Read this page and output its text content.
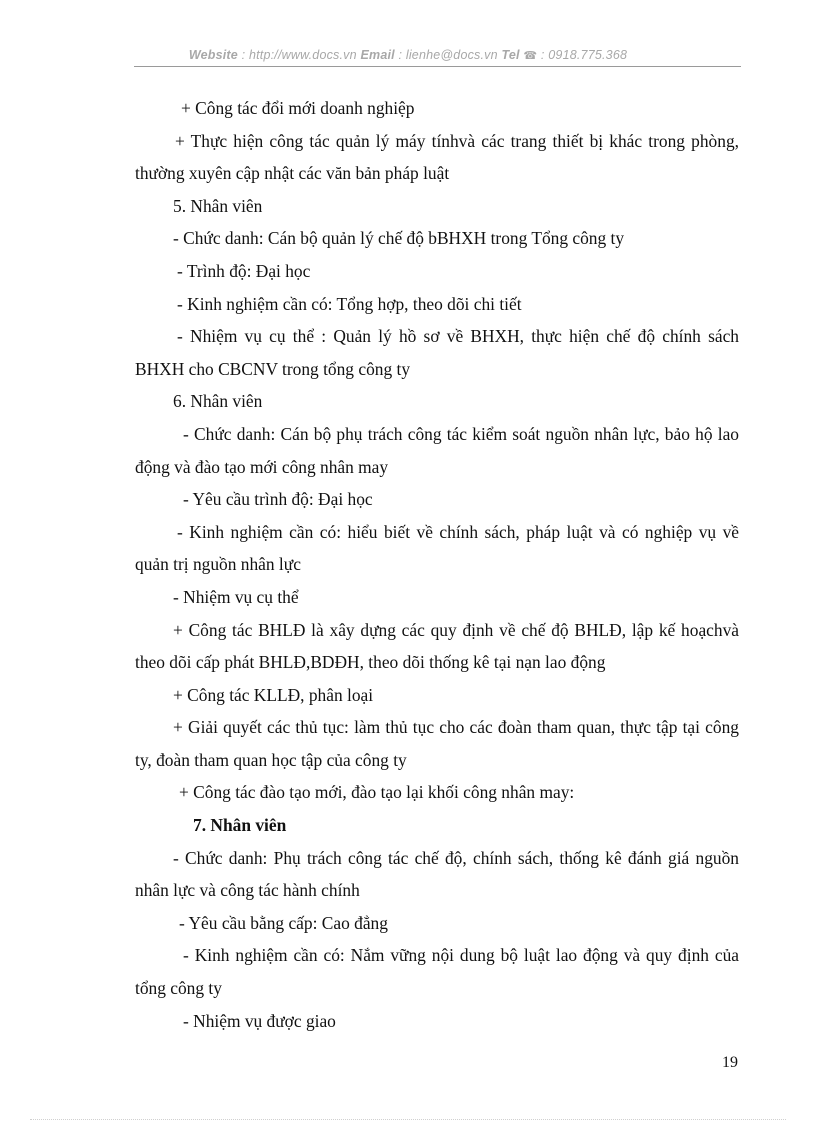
Website : http://www.docs.vn Email : lienhe@docs.vn Tel ☎ : 0918.775.368

+ Công tác đổi mới doanh nghiệp

+ Thực hiện công tác quản lý máy tínhvà các trang thiết bị khác trong phòng, thường xuyên cập nhật các văn bản pháp luật

5. Nhân viên

- Chức danh: Cán bộ quản lý chế độ bBHXH trong Tổng công ty

- Trình độ: Đại học

- Kinh nghiệm cần có: Tổng hợp, theo dõi chi tiết

- Nhiệm vụ cụ thể : Quản lý hồ sơ về BHXH, thực hiện chế độ chính sách BHXH cho CBCNV trong tổng công ty

6. Nhân viên

- Chức danh: Cán bộ phụ trách công tác kiểm soát nguồn nhân lực, bảo hộ lao động và đào tạo mới công nhân may

- Yêu cầu trình độ: Đại học

- Kinh nghiệm cần có: hiểu biết về chính sách, pháp luật và có nghiệp vụ về quản trị nguồn nhân lực

- Nhiệm vụ cụ thể

+ Công tác BHLĐ là xây dựng các quy định về chế độ BHLĐ, lập kế hoạchvà theo dõi cấp phát BHLĐ,BDĐH, theo dõi thống kê tại nạn lao động

+ Công tác KLLĐ, phân loại

+ Giải quyết các thủ tục: làm thủ tục cho các đoàn tham quan, thực tập tại công ty, đoàn tham quan học tập của công ty

+ Công tác đào tạo mới, đào tạo lại khối công nhân may:

7. Nhân viên

- Chức danh: Phụ trách công tác chế độ, chính sách, thống kê đánh giá nguồn nhân lực và công tác hành chính

- Yêu cầu bằng cấp: Cao đẳng

- Kinh nghiệm cần có: Nắm vững nội dung bộ luật lao động và quy định của tổng công ty

- Nhiệm vụ được giao

19
